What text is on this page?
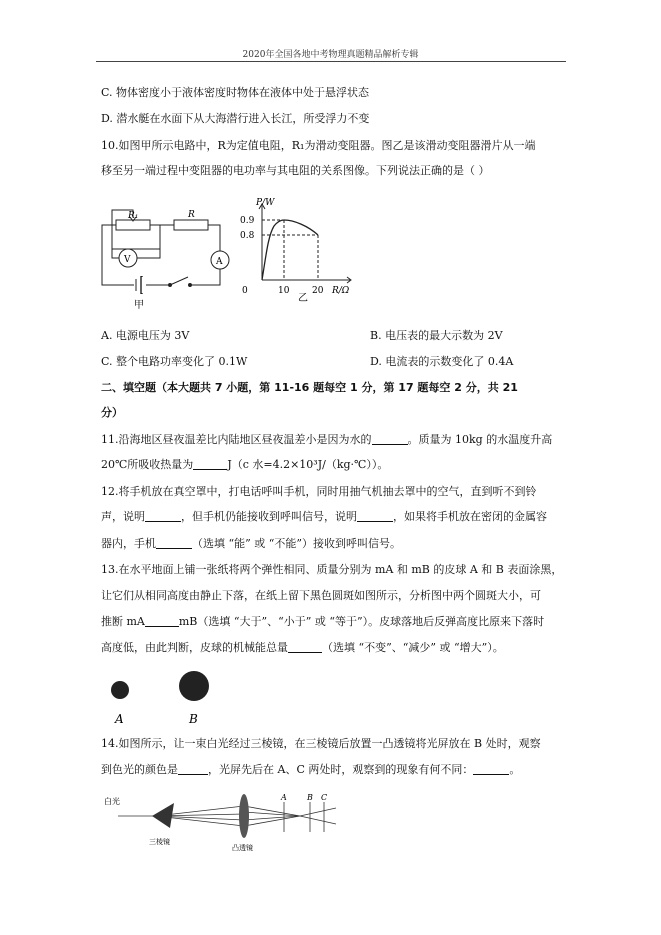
2020年全国各地中考物理真题精品解析专辑
C. 物体密度小于液体密度时物体在液体中处于悬浮状态
D. 潜水艇在水面下从大海潜行进入长江，所受浮力不变
10.如图甲所示电路中，R为定值电阻，R₁为滑动变阻器。图乙是该滑动变阻器滑片从一端
移至另一端过程中变阻器的电功率与其电阻的关系图像。下列说法正确的是（ ）
R₁	R
V	A
甲
P/W
0.9
0.8
0	10	20 R/Ω
乙
A. 电源电压为 3V	B. 电压表的最大示数为 2V
C. 整个电路功率变化了 0.1W	D. 电流表的示数变化了 0.4A
二、填空题（本大题共 7 小题，第 11-16 题每空 1 分，第 17 题每空 2 分，共 21
分）
11.沿海地区昼夜温差比内陆地区昼夜温差小是因为水的	。质量为 10kg 的水温度升高
20℃所吸收热量为	J（c 水=4.2×10³J/（kg·℃））。
12.将手机放在真空罩中，打电话呼叫手机，同时用抽气机抽去罩中的空气，直到听不到铃
声，说明	，但手机仍能接收到呼叫信号，说明	，如果将手机放在密闭的金属容
器内，手机	（选填 “能” 或 “不能”）接收到呼叫信号。
13.在水平地面上铺一张纸将两个弹性相同、质量分别为 mA 和 mB 的皮球 A 和 B 表面涂黑，
让它们从相同高度由静止下落，在纸上留下黑色圆斑如图所示，分析图中两个圆斑大小，可
推断 mA	mB（选填 “大于”、“小于” 或 “等于”）。皮球落地后反弹高度比原来下落时
高度低，由此判断，皮球的机械能总量	（选填 “不变”、“减少” 或 “增大”）。
A	B
14.如图所示，让一束白光经过三棱镜，在三棱镜后放置一凸透镜将光屏放在 B 处时，观察
到色光的颜色是	，光屏先后在 A、C 两处时，观察到的现象有何不同：	。
白光
三棱镜
凸透镜
A	B C
